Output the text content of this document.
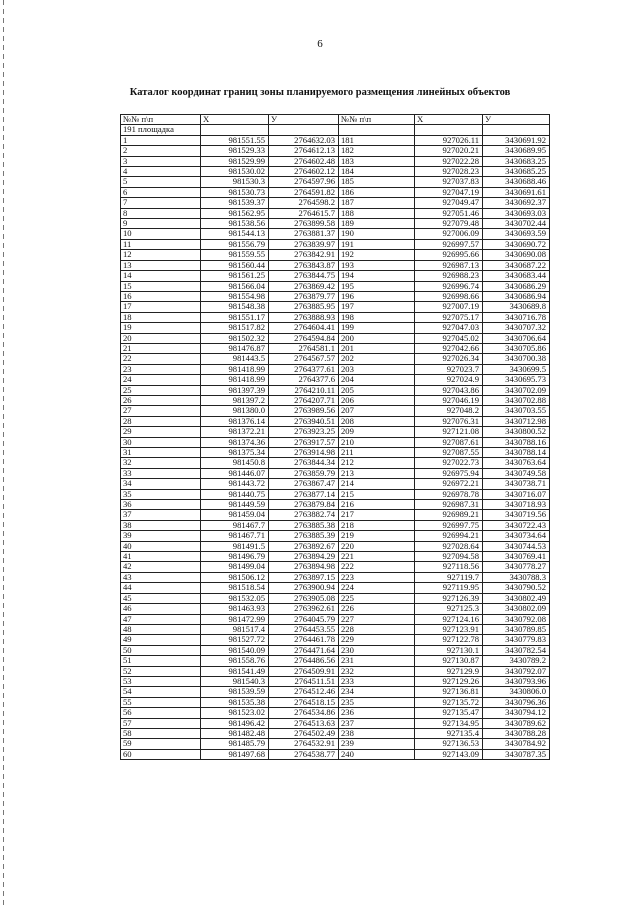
6
Каталог координат границ зоны планируемого размещения линейных объектов
№№ п\п	X	У	№№ п\п	X	У
191 площадка					
1	981551.55	2764632.03	181	927026.11	3430691.92
2	981529.33	2764612.13	182	927020.21	3430689.95
3	981529.99	2764602.48	183	927022.28	3430683.25
4	981530.02	2764602.12	184	927028.23	3430685.25
5	981530.3	2764597.96	185	927037.83	3430688.46
6	981530.73	2764591.82	186	927047.19	3430691.61
7	981539.37	2764598.2	187	927049.47	3430692.37
8	981562.95	2764615.7	188	927051.46	3430693.03
9	981538.56	2763899.58	189	927079.48	3430702.44
10	981544.13	2763881.37	190	927006.09	3430693.59
11	981556.79	2763839.97	191	926997.57	3430690.72
12	981559.55	2763842.91	192	926995.66	3430690.08
13	981560.44	2763843.87	193	926987.13	3430687.22
14	981561.25	2763844.75	194	926988.23	3430683.44
15	981566.04	2763869.42	195	926996.74	3430686.29
16	981554.98	2763879.77	196	926998.66	3430686.94
17	981548.38	2763885.95	197	927007.19	3430689.8
18	981551.17	2763888.93	198	927075.17	3430716.78
19	981517.82	2764604.41	199	927047.03	3430707.32
20	981502.32	2764594.84	200	927045.02	3430706.64
21	981476.87	2764581.1	201	927042.66	3430705.86
22	981443.5	2764567.57	202	927026.34	3430700.38
23	981418.99	2764377.61	203	927023.7	3430699.5
24	981418.99	2764377.6	204	927024.9	3430695.73
25	981397.39	2764210.11	205	927043.86	3430702.09
26	981397.2	2764207.71	206	927046.19	3430702.88
27	981380.0	2763989.56	207	927048.2	3430703.55
28	981376.14	2763940.51	208	927076.31	3430712.98
29	981372.21	2763923.25	209	927121.08	3430800.52
30	981374.36	2763917.57	210	927087.61	3430788.16
31	981375.34	2763914.98	211	927087.55	3430788.14
32	981450.8	2763844.34	212	927022.73	3430763.64
33	981446.07	2763859.79	213	926975.94	3430749.58
34	981443.72	2763867.47	214	926972.21	3430738.71
35	981440.75	2763877.14	215	926978.78	3430716.07
36	981449.59	2763879.84	216	926987.31	3430718.93
37	981459.04	2763882.74	217	926989.21	3430719.56
38	981467.7	2763885.38	218	926997.75	3430722.43
39	981467.71	2763885.39	219	926994.21	3430734.64
40	981491.5	2763892.67	220	927028.64	3430744.53
41	981496.79	2763894.29	221	927094.58	3430769.41
42	981499.04	2763894.98	222	927118.56	3430778.27
43	981506.12	2763897.15	223	927119.7	3430788.3
44	981518.54	2763900.94	224	927119.95	3430790.52
45	981532.05	2763905.08	225	927126.39	3430802.49
46	981463.93	2763962.61	226	927125.3	3430802.09
47	981472.99	2764045.79	227	927124.16	3430792.08
48	981517.4	2764453.55	228	927123.91	3430789.85
49	981527.72	2764461.78	229	927122.78	3430779.83
50	981540.09	2764471.64	230	927130.1	3430782.54
51	981558.76	2764486.56	231	927130.87	3430789.2
52	981541.49	2764509.91	232	927129.9	3430792.07
53	981540.3	2764511.51	233	927129.26	3430793.96
54	981539.59	2764512.46	234	927136.81	3430806.0
55	981535.38	2764518.15	235	927135.72	3430796.36
56	981523.02	2764534.86	236	927135.47	3430794.12
57	981496.42	2764513.63	237	927134.95	3430789.62
58	981482.48	2764502.49	238	927135.4	3430788.28
59	981485.79	2764532.91	239	927136.53	3430784.92
60	981497.68	2764538.77	240	927143.09	3430787.35
